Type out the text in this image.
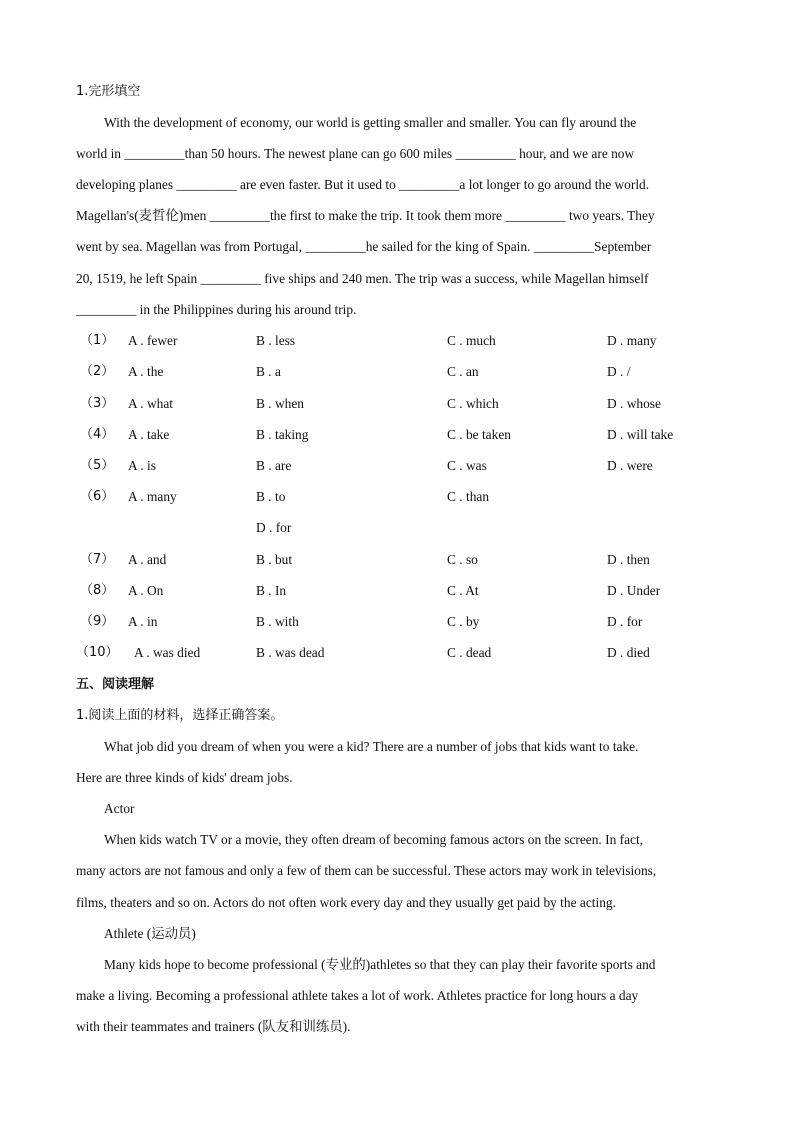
1.完形填空
With the development of economy, our world is getting smaller and smaller. You can fly around the
world in _________than 50 hours. The newest plane can go 600 miles _________ hour, and we are now
developing planes _________ are even faster. But it used to _________a lot longer to go around the world.
Magellan's(麦哲伦)men _________the first to make the trip. It took them more _________ two years. They
went by sea. Magellan was from Portugal, _________he sailed for the king of Spain. _________September
20, 1519, he left Spain _________ five ships and 240 men. The trip was a success, while Magellan himself
_________ in the Philippines during his around trip.
（1） A . fewer	B . less	C . much	D . many
（2） A . the	B . a	C . an	D . /
（3） A . what	B . when	C . which	D . whose
（4） A . take	B . taking	C . be taken	D . will take
（5） A . is	B . are	C . was	D . were
（6） A . many	B . to	C . than
D . for
（7） A . and	B . but	C . so	D . then
（8） A . On	B . In	C . At	D . Under
（9） A . in	B . with	C . by	D . for
（10） A . was died	B . was dead	C . dead	D . died
五、阅读理解
1.阅读上面的材料，选择正确答案。
What job did you dream of when you were a kid? There are a number of jobs that kids want to take.
Here are three kinds of kids' dream jobs.
Actor
When kids watch TV or a movie, they often dream of becoming famous actors on the screen. In fact,
many actors are not famous and only a few of them can be successful. These actors may work in televisions,
films, theaters and so on. Actors do not often work every day and they usually get paid by the acting.
Athlete (运动员)
Many kids hope to become professional (专业的)athletes so that they can play their favorite sports and
make a living. Becoming a professional athlete takes a lot of work. Athletes practice for long hours a day
with their teammates and trainers (队友和训练员).
